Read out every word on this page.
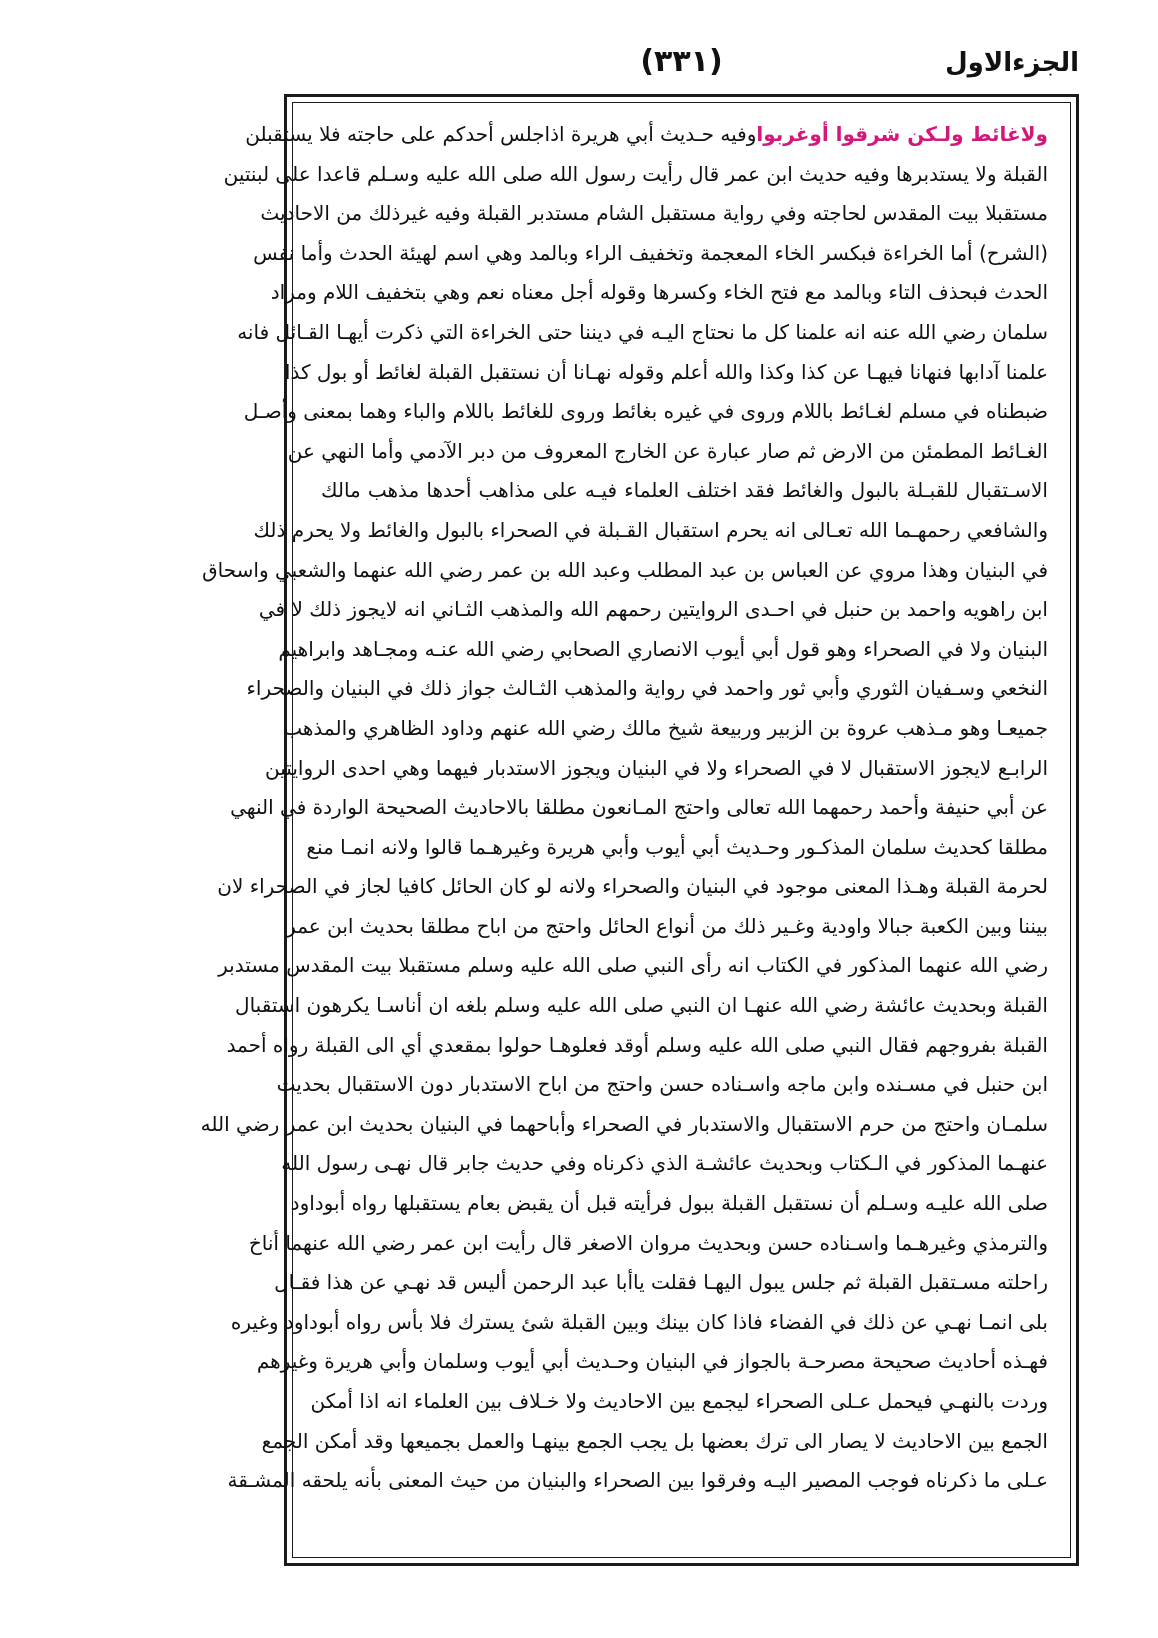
(٣٣١)	الجزءالاول
ولاغائط ولـكن شرقوا أوغربواوفيه حـديث أبي هريرة اذاجلس أحدكم على حاجته فلا يستقبلن
القبلة ولا يستدبرها وفيه حديث ابن عمر قال رأيت رسول الله صلى الله عليه وسـلم قاعدا على لبنتين
مستقبلا بيت المقدس لحاجته وفي رواية مستقبل الشام مستدبر القبلة وفيه غيرذلك من الاحاديث
(الشرح) أما الخراءة فبكسر الخاء المعجمة وتخفيف الراء وبالمد وهي اسم لهيئة الحدث وأما نفس
الحدث فبحذف التاء وبالمد مع فتح الخاء وكسرها وقوله أجل معناه نعم وهي بتخفيف اللام ومراد
سلمان رضي الله عنه انه علمنا كل ما نحتاج اليـه في ديننا حتى الخراءة التي ذكرت أيهـا القـائل فانه
علمنا آدابها فنهانا فيهـا عن كذا وكذا والله أعلم وقوله نهـانا أن نستقبل القبلة لغائط أو بول كذا
ضبطناه في مسلم لغـائط باللام وروى في غيره بغائط وروى للغائط باللام والباء وهما بمعنى وأصـل
الغـائط المطمئن من الارض ثم صار عبارة عن الخارج المعروف من دبر الآدمي وأما النهي عن
الاسـتقبال للقبـلة بالبول والغائط فقد اختلف العلماء فيـه على مذاهب أحدها مذهب مالك
والشافعي رحمهـما الله تعـالى انه يحرم استقبال القـبلة في الصحراء بالبول والغائط ولا يحرم ذلك
في البنيان وهذا مروي عن العباس بن عبد المطلب وعبد الله بن عمر رضي الله عنهما والشعبي واسحاق
ابن راهويه واحمد بن حنبل في احـدى الروايتين رحمهم الله والمذهب الثـاني انه لايجوز ذلك لا في
البنيان ولا في الصحراء وهو قول أبي أيوب الانصاري الصحابي رضي الله عنـه ومجـاهد وابراهيم
النخعي وسـفيان الثوري وأبي ثور واحمد في رواية والمذهب الثـالث جواز ذلك في البنيان والصحراء
جميعـا وهو مـذهب عروة بن الزبير وربيعة شيخ مالك رضي الله عنهم وداود الظاهري والمذهب
الرابـع لايجوز الاستقبال لا في الصحراء ولا في البنيان ويجوز الاستدبار فيهما وهي احدى الروايتين
عن أبي حنيفة وأحمد رحمهما الله تعالى واحتج المـانعون مطلقا بالاحاديث الصحيحة الواردة في النهي
مطلقا كحديث سلمان المذكـور وحـديث أبي أيوب وأبي هريرة وغيرهـما قالوا ولانه انمـا منع
لحرمة القبلة وهـذا المعنى موجود في البنيان والصحراء ولانه لو كان الحائل كافيا لجاز في الصحراء لان
بيننا وبين الكعبة جبالا واودية وغـير ذلك من أنواع الحائل واحتج من اباح مطلقا بحديث ابن عمر
رضي الله عنهما المذكور في الكتاب انه رأى النبي صلى الله عليه وسلم مستقبلا بيت المقدس مستدبر
القبلة وبحديث عائشة رضي الله عنهـا ان النبي صلى الله عليه وسلم بلغه ان أناسـا يكرهون استقبال
القبلة بفروجهم فقال النبي صلى الله عليه وسلم أوقد فعلوهـا حولوا بمقعدي أي الى القبلة رواه أحمد
ابن حنبل في مسـنده وابن ماجه واسـناده حسن واحتج من اباح الاستدبار دون الاستقبال بحديث
سلمـان واحتج من حرم الاستقبال والاستدبار في الصحراء وأباحهما في البنيان بحديث ابن عمر رضي الله
عنهـما المذكور في الـكتاب وبحديث عائشـة الذي ذكرناه وفي حديث جابر قال نهـى رسول الله
صلى الله عليـه وسـلم أن نستقبل القبلة ببول فرأيته قبل أن يقبض بعام يستقبلها رواه أبوداود
والترمذي وغيرهـما واسـناده حسن وبحديث مروان الاصغر قال رأيت ابن عمر رضي الله عنهما أناخ
راحلته مسـتقبل القبلة ثم جلس يبول اليهـا فقلت ياأبا عبد الرحمن أليس قد نهـي عن هذا فقـال
بلى انمـا نهـي عن ذلك في الفضاء فاذا كان بينك وبين القبلة شئ يسترك فلا بأس رواه أبوداود وغيره
فهـذه أحاديث صحيحة مصرحـة بالجواز في البنيان وحـديث أبي أيوب وسلمان وأبي هريرة وغيرهم
وردت بالنهـي فيحمل عـلى الصحراء ليجمع بين الاحاديث ولا خـلاف بين العلماء انه اذا أمكن
الجمع بين الاحاديث لا يصار الى ترك بعضها بل يجب الجمع بينهـا والعمل بجميعها وقد أمكن الجمع
عـلى ما ذكرناه فوجب المصير اليـه وفرقوا بين الصحراء والبنيان من حيث المعنى بأنه يلحقه المشـقة
